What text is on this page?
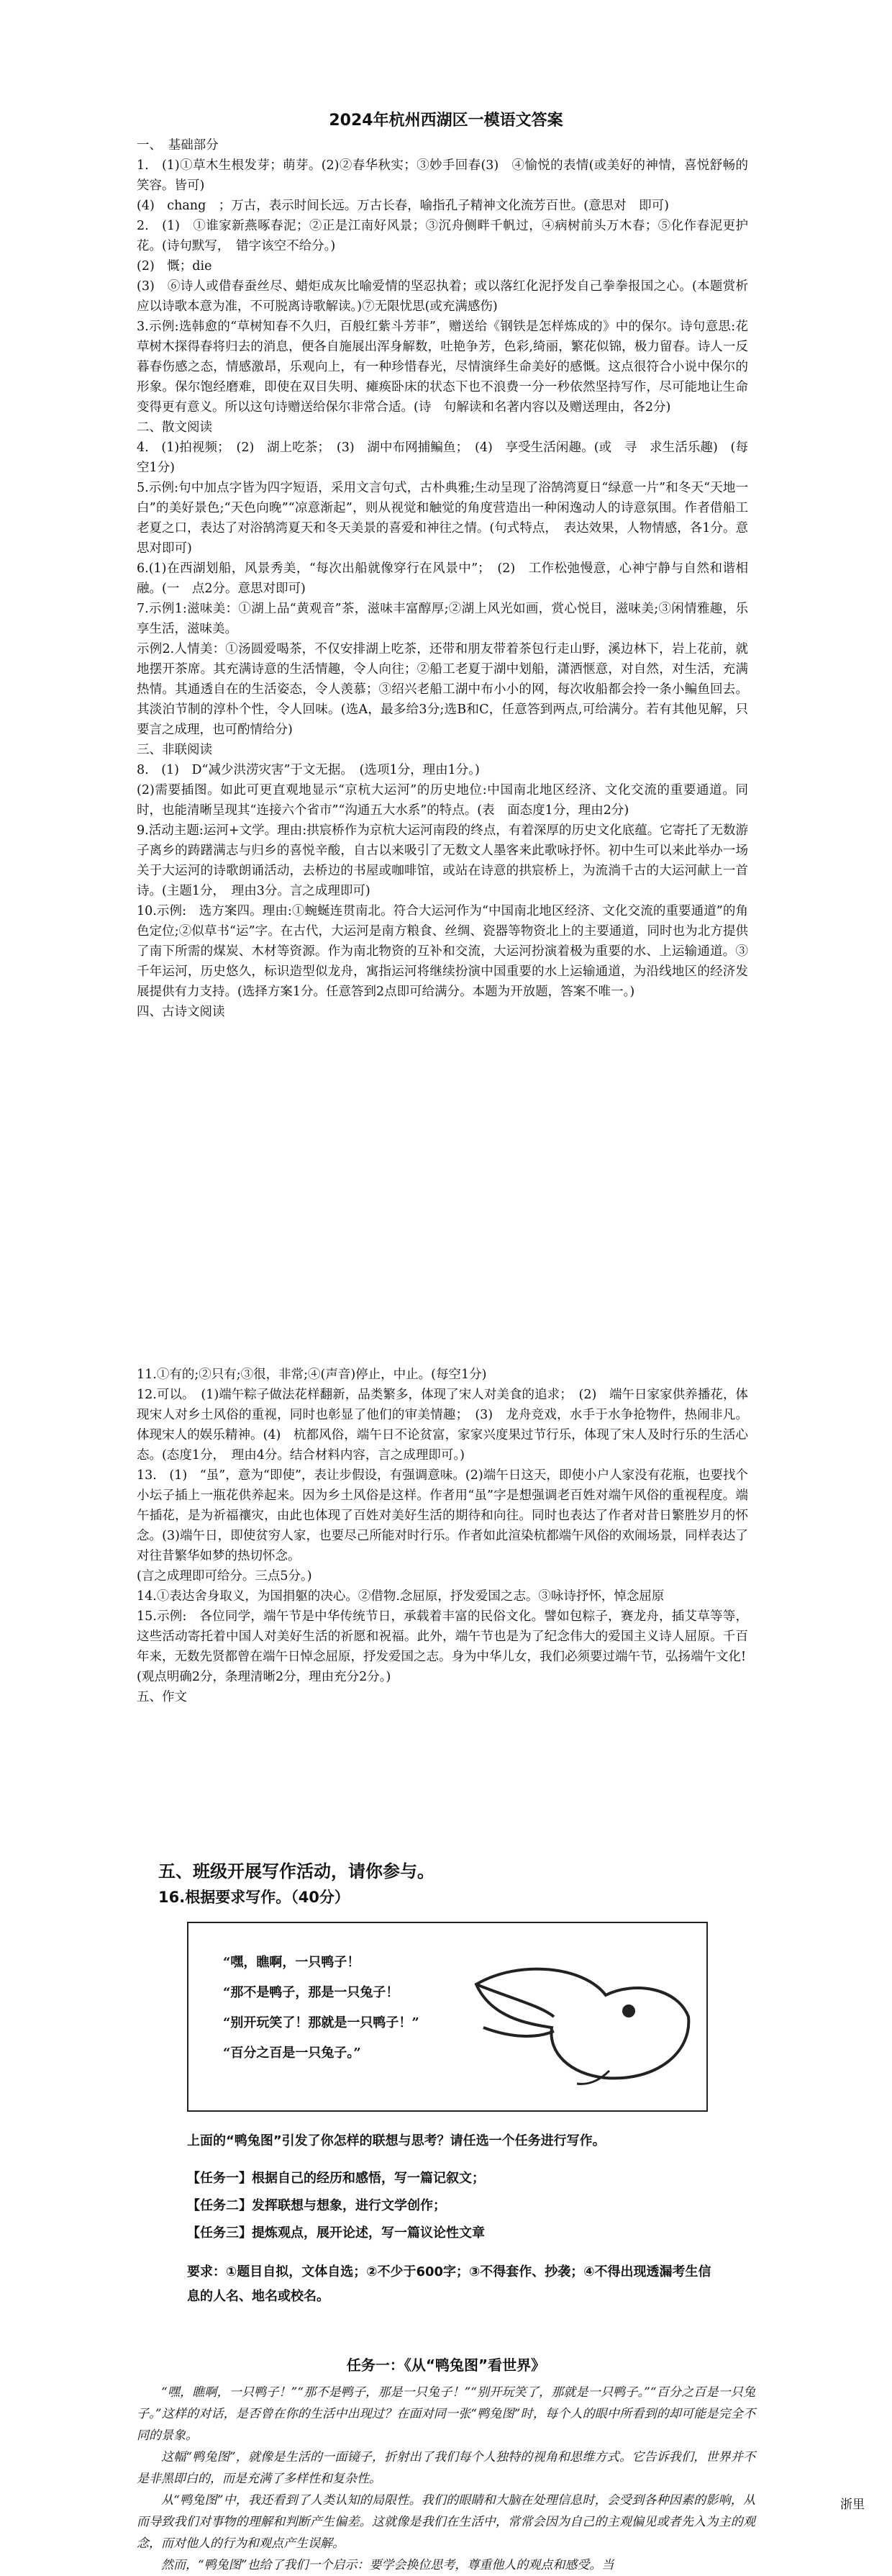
2024年杭州西湖区一模语文答案

一、　基础部分

1.　(1)①草木生根发芽；萌芽。(2)②春华秋实；③妙手回春(3)　④愉悦的表情(或美好的神情，喜悦舒畅的笑容。皆可)

(4)　chang　；万古，表示时间长远。万古长春，喻指孔子精神文化流芳百世。(意思对　即可)

2.　(1)　①谁家新燕啄春泥；②正是江南好风景；③沉舟侧畔千帆过，④病树前头万木春；⑤化作春泥更护花。(诗句默写，　错字该空不给分。)

(2)　慨；die

(3)　⑥诗人或借春蚕丝尽、蜡炬成灰比喻爱情的坚忍执着；或以落红化泥抒发自己拳拳报国之心。(本题赏析应以诗歌本意为准，不可脱离诗歌解读。)⑦无限忧思(或充满感伤)

3.示例:选韩愈的“草树知春不久归，百般红紫斗芳菲”，赠送给《钢铁是怎样炼成的》中的保尔。诗句意思:花草树木探得春将归去的消息，便各自施展出浑身解数，吐艳争芳，色彩,绮丽，繁花似锦，极力留春。诗人一反暮春伤感之态，情感激昂，乐观向上，有一种珍惜春光，尽情演绎生命美好的感慨。这点很符合小说中保尔的形象。保尔饱经磨难，即使在双目失明、瘫痪卧床的状态下也不浪费一分一秒依然坚持写作，尽可能地让生命变得更有意义。所以这句诗赠送给保尔非常合适。(诗　句解读和名著内容以及赠送理由，各2分)

二、散文阅读

4.　(1)拍视频；　(2)　湖上吃茶；　(3)　湖中布网捕鳊鱼；　(4)　享受生活闲趣。(或　寻　求生活乐趣)　(每空1分)

5.示例:句中加点字皆为四字短语，采用文言句式，古朴典雅;生动呈现了浴鹄湾夏日“绿意一片”和冬天“天地一白”的美好景色;“天色向晚”“凉意渐起”，则从视觉和触觉的角度营造出一种闲逸动人的诗意氛围。作者借船工老夏之口，表达了对浴鹄湾夏天和冬天美景的喜爱和神往之情。(句式特点，　表达效果，人物情感，各1分。意思对即可)

6.(1)在西湖划船，风景秀美，“每次出船就像穿行在风景中”；　(2)　工作松弛慢意，心神宁静与自然和谐相融。(一　点2分。意思对即可)

7.示例1:滋味美：①湖上品“黄观音”茶，滋味丰富醇厚;②湖上风光如画，赏心悦目，滋味美;③闲情雅趣，乐享生活，滋味美。

示例2.人情美：①汤圆爱喝茶，不仅安排湖上吃茶，还带和朋友带着茶包行走山野，溪边林下，岩上花前，就地摆开茶席。其充满诗意的生活情趣，令人向往；②船工老夏于湖中划船，潇洒惬意，对自然，对生活，充满热情。其通透自在的生活姿态，令人羡慕；③绍兴老船工湖中布小小的网，每次收船都会拎一条小鳊鱼回去。其淡泊节制的淳朴个性，令人回味。(选A，最多给3分;选B和C，任意答到两点,可给满分。若有其他见解，只要言之成理，也可酌情给分)

三、非联阅读

8.　(1)　D“减少洪涝灾害”于文无据。　(选项1分，理由1分。)

(2)需要插图。如此可更直观地显示“京杭大运河”的历史地位:中国南北地区经济、文化交流的重要通道。同时，也能清晰呈现其“连接六个省市”“沟通五大水系”的特点。(表　面态度1分，理由2分)

9.活动主题:运河+文学。理由:拱宸桥作为京杭大运河南段的终点，有着深厚的历史文化底蕴。它寄托了无数游子离乡的踌躇满志与归乡的喜悦辛酸，自古以来吸引了无数文人墨客来此歌咏抒怀。初中生可以来此举办一场关于大运河的诗歌朗诵活动，去桥边的书屋或咖啡馆，或站在诗意的拱宸桥上，为流淌千古的大运河献上一首诗。(主题1分，　理由3分。言之成理即可)

10.示例:　选方案四。理由:①蜿蜒连贯南北。符合大运河作为“中国南北地区经济、文化交流的重要通道”的角色定位;②似草书“运”字。在古代，大运河是南方粮食、丝绸、瓷器等物资北上的主要通道，同时也为北方提供了南下所需的煤炭、木材等资源。作为南北物资的互补和交流，大运河扮演着极为重要的水、上运输通道。③千年运河，历史悠久，标识造型似龙舟，寓指运河将继续扮演中国重要的水上运输通道，为沿线地区的经济发展提供有力支持。(选择方案1分。任意答到2点即可给满分。本题为开放题，答案不唯一。)

四、古诗文阅读

11.①有的;②只有;③很，非常;④(声音)停止，中止。(每空1分)

12.可以。　(1)端午粽子做法花样翻新，品类繁多，体现了宋人对美食的追求；　(2)　端午日家家供养播花，体现宋人对乡土风俗的重视，同时也彰显了他们的审美情趣；　(3)　龙舟竞戏，水手于水争抢物件，热闹非凡。体现宋人的娱乐精神。(4)　杭都风俗，端午日不论贫富，家家兴度果过节行乐，体现了宋人及时行乐的生活心态。(态度1分，　理由4分。结合材料内容，言之成理即可。)

13.　(1)　“虽”，意为“即使”，表让步假设，有强调意味。(2)端午日这天，即使小户人家没有花瓶，也要找个小坛子插上一瓶花供养起来。因为乡土风俗是这样。作者用“虽”字是想强调老百姓对端午风俗的重视程度。端午插花，是为祈福禳灾，由此也体现了百姓对美好生活的期待和向往。同时也表达了作者对昔日繁胜岁月的怀念。(3)端午日，即使贫穷人家，也要尽己所能对时行乐。作者如此渲染杭都端午风俗的欢闹场景，同样表达了对往昔繁华如梦的热切怀念。

(言之成理即可给分。三点5分。)

14.①表达舍身取义，为国捐躯的决心。②借物.念屈原，抒发爱国之志。③咏诗抒怀，悼念屈原

15.示例:　各位同学，端午节是中华传统节日，承载着丰富的民俗文化。譬如包粽子，赛龙舟，插艾草等等，这些活动寄托着中国人对美好生活的祈愿和祝福。此外，端午节也是为了纪念伟大的爱国主义诗人屈原。千百年来，无数先贤都曾在端午日悼念屈原，抒发爱国之志。身为中华儿女，我们必须要过端午节，弘扬端午文化!

(观点明确2分，条理清晰2分，理由充分2分。)

五、作文

五、班级开展写作活动，请你参与。
16.根据要求写作。（40分）
“嘿，瞧啊，一只鸭子！
“那不是鸭子，那是一只兔子！
“别开玩笑了！那就是一只鸭子！”
“百分之百是一只兔子。”
上面的“鸭兔图”引发了你怎样的联想与思考？请任选一个任务进行写作。
【任务一】根据自己的经历和感悟，写一篇记叙文；
【任务二】发挥联想与想象，进行文学创作；
【任务三】提炼观点，展开论述，写一篇议论性文章
要求：①题目自拟，文体自选；②不少于600字；③不得套作、抄袭；④不得出现透漏考生信息的人名、地名或校名。
任务一：《从“鸭兔图”看世界》

“嘿，瞧啊，一只鸭子！”“那不是鸭子，那是一只兔子！”“别开玩笑了，那就是一只鸭子。”“百分之百是一只兔子。”这样的对话，是否曾在你的生活中出现过？在面对同一张“鸭兔图”时，每个人的眼中所看到的却可能是完全不同的景象。

这幅“鸭兔图”，就像是生活的一面镜子，折射出了我们每个人独特的视角和思维方式。它告诉我们，世界并不是非黑即白的，而是充满了多样性和复杂性。

从“鸭兔图”中，我还看到了人类认知的局限性。我们的眼睛和大脑在处理信息时，会受到各种因素的影响，从而导致我们对事物的理解和判断产生偏差。这就像是我们在生活中，常常会因为自己的主观偏见或者先入为主的观念，而对他人的行为和观点产生误解。

然而，“鸭兔图”也给了我们一个启示：要学会换位思考，尊重他人的观点和感受。当

浙里
